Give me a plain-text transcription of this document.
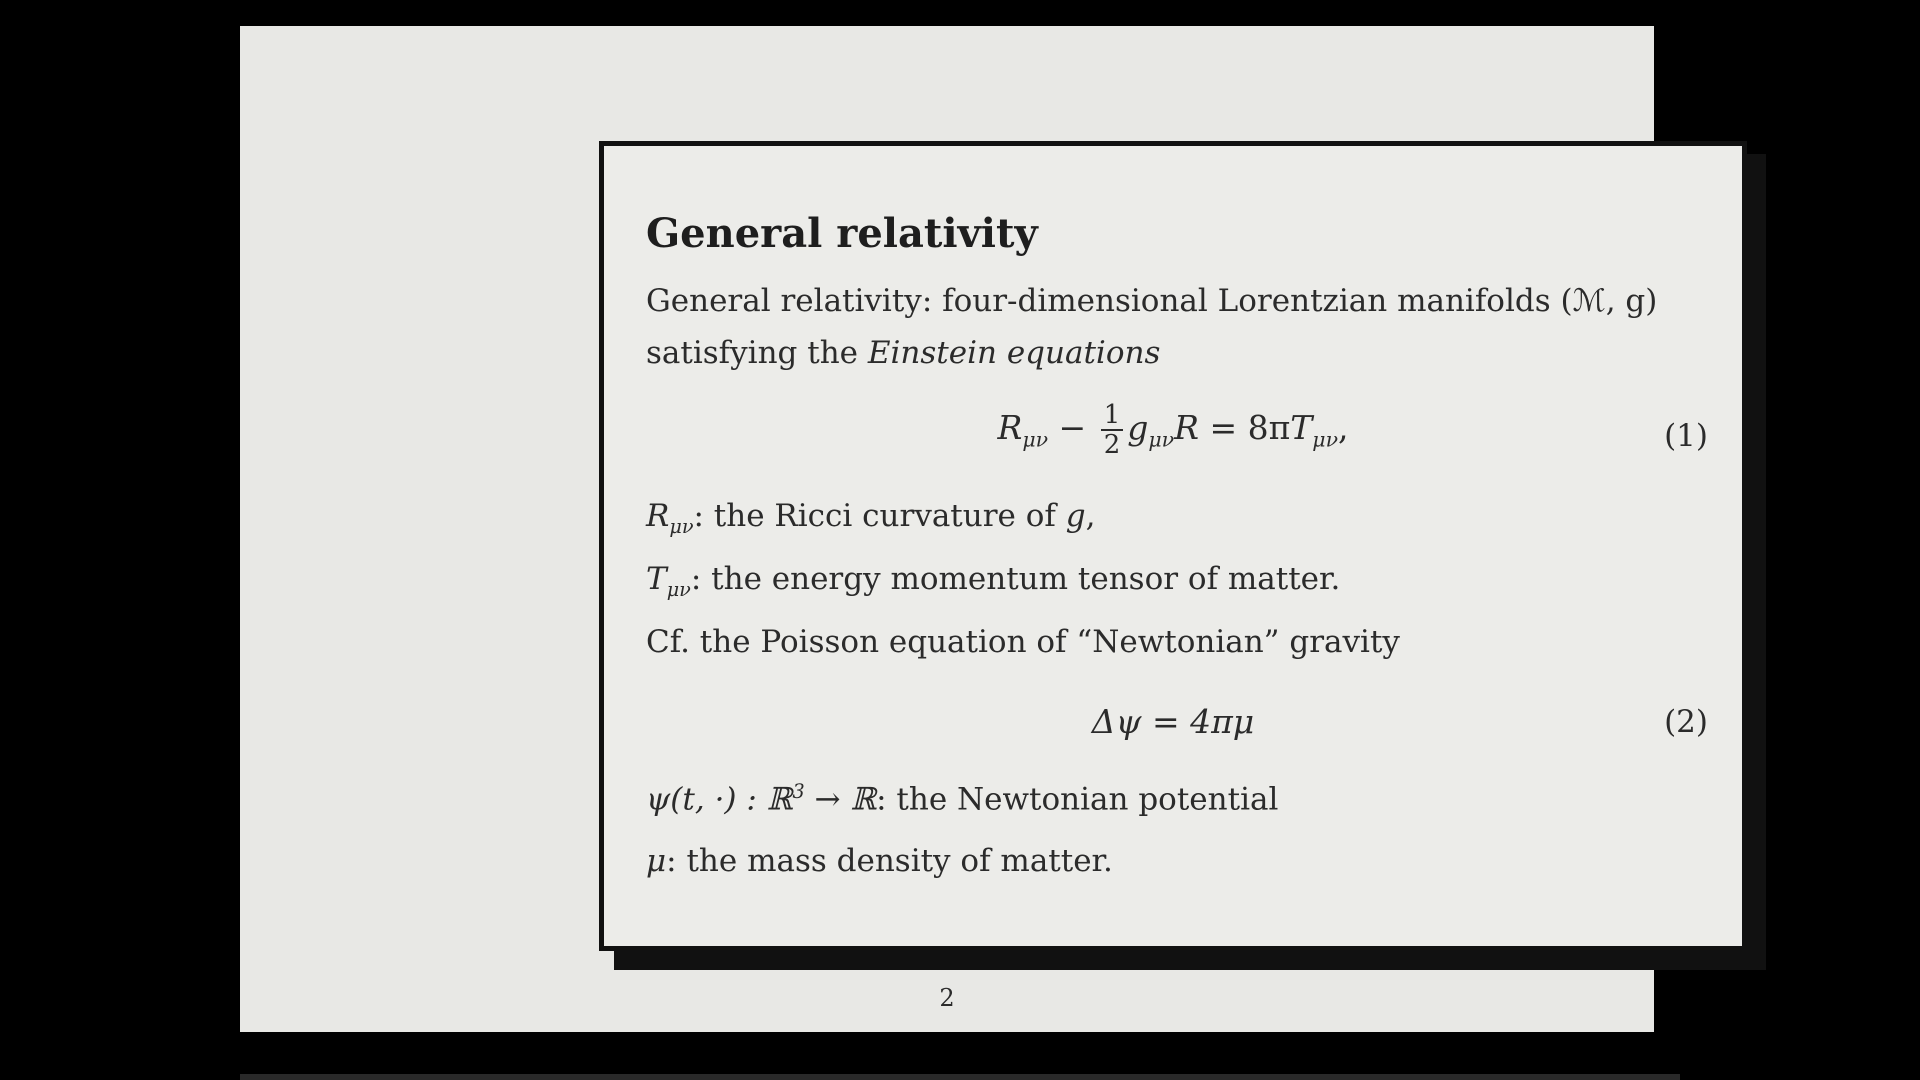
General relativity
General relativity: four-dimensional Lorentzian manifolds (ℳ, g)
satisfying the Einstein equations
$R_{\mu\nu} - \frac{1}{2} g_{\mu\nu}R = 8\pi T_{\mu\nu}$,	(1)
$R_{\mu\nu}$: the Ricci curvature of g,
$T_{\mu\nu}$: the energy momentum tensor of matter.
Cf. the Poisson equation of “Newtonian” gravity
Δψ = 4πμ	(2)
ψ(t, ·) : ℝ$^3$ → ℝ: the Newtonian potential
μ: the mass density of matter.
2
